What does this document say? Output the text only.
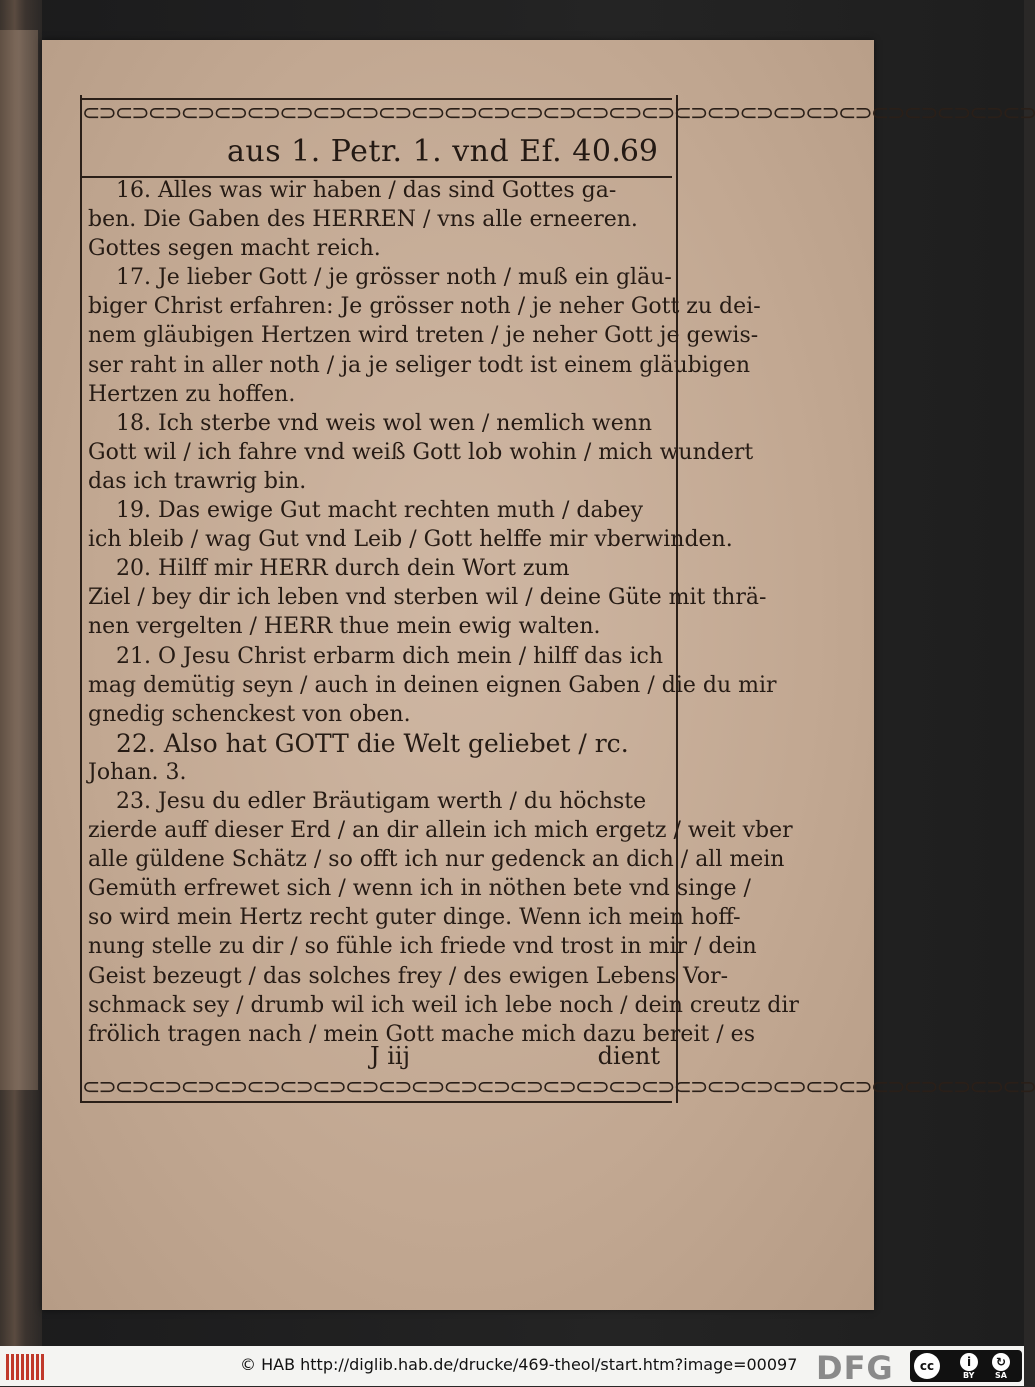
⊂⊃⊂⊃⊂⊃⊂⊃⊂⊃⊂⊃⊂⊃⊂⊃⊂⊃⊂⊃⊂⊃⊂⊃⊂⊃⊂⊃⊂⊃⊂⊃⊂⊃⊂⊃⊂⊃⊂⊃⊂⊃⊂⊃⊂⊃⊂⊃⊂⊃⊂⊃⊂⊃⊂⊃⊂⊃
aus 1. Petr. 1. vnd Ef. 40.
69
16. Alles was wir haben / das sind Gottes ga-
ben. Die Gaben des HERREN / vns alle erneeren.
Gottes segen macht reich.
17. Je lieber Gott / je grösser noth / muß ein gläu-
biger Christ erfahren: Je grösser noth / je neher Gott zu dei-
nem gläubigen Hertzen wird treten / je neher Gott je gewis-
ser raht in aller noth / ja je seliger todt ist einem gläubigen
Hertzen zu hoffen.
18. Ich sterbe vnd weis wol wen / nemlich wenn
Gott wil / ich fahre vnd weiß Gott lob wohin / mich wundert
das ich trawrig bin.
19. Das ewige Gut macht rechten muth / dabey
ich bleib / wag Gut vnd Leib / Gott helffe mir vberwinden.
20. Hilff mir HERR durch dein Wort zum
Ziel / bey dir ich leben vnd sterben wil / deine Güte mit thrä-
nen vergelten / HERR thue mein ewig walten.
21. O Jesu Christ erbarm dich mein / hilff das ich
mag demütig seyn / auch in deinen eignen Gaben / die du mir
gnedig schenckest von oben.
22. Also hat GOTT die Welt geliebet / rc.
Johan. 3.
23. Jesu du edler Bräutigam werth / du höchste
zierde auff dieser Erd / an dir allein ich mich ergetz / weit vber
alle güldene Schätz / so offt ich nur gedenck an dich / all mein
Gemüth erfrewet sich / wenn ich in nöthen bete vnd singe /
so wird mein Hertz recht guter dinge. Wenn ich mein hoff-
nung stelle zu dir / so fühle ich friede vnd trost in mir / dein
Geist bezeugt / das solches frey / des ewigen Lebens Vor-
schmack sey / drumb wil ich weil ich lebe noch / dein creutz dir
frölich tragen nach / mein Gott mache mich dazu bereit / es
J iij	dient
⊂⊃⊂⊃⊂⊃⊂⊃⊂⊃⊂⊃⊂⊃⊂⊃⊂⊃⊂⊃⊂⊃⊂⊃⊂⊃⊂⊃⊂⊃⊂⊃⊂⊃⊂⊃⊂⊃⊂⊃⊂⊃⊂⊃⊂⊃⊂⊃⊂⊃⊂⊃⊂⊃⊂⊃⊂⊃
© HAB http://diglib.hab.de/drucke/469-theol/start.htm?image=00097 DFG	cc	i	↻
BY	SA
